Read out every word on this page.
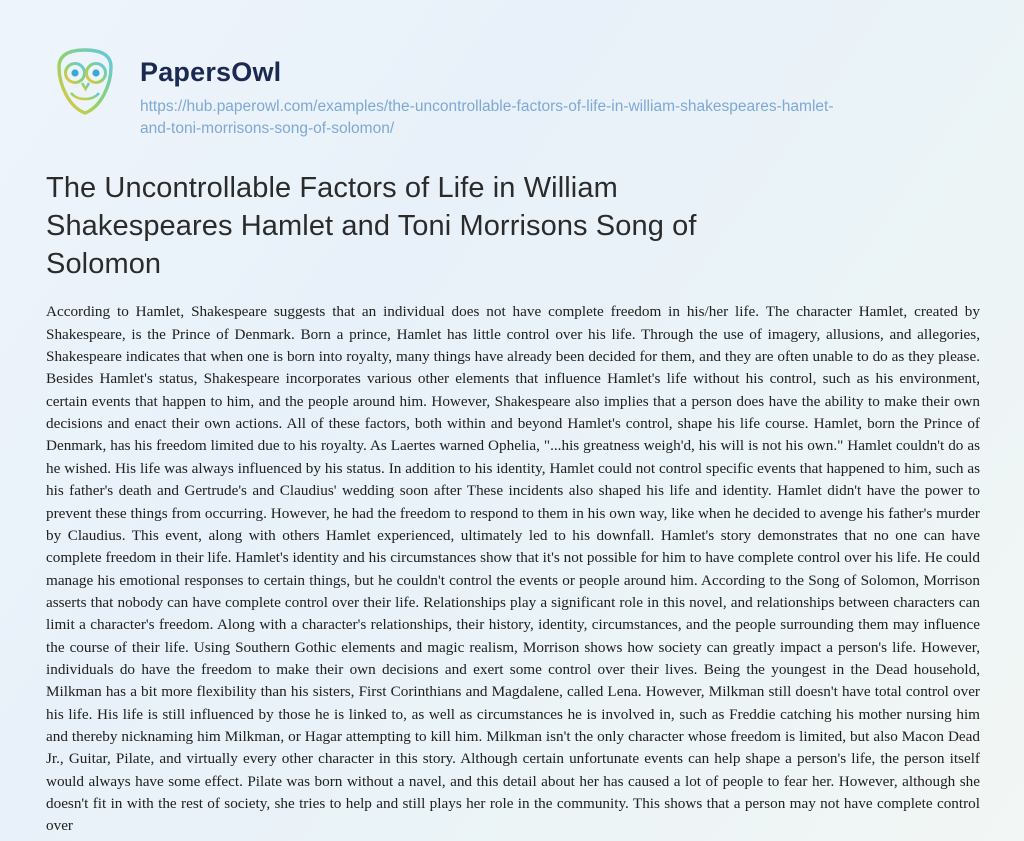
PapersOwl
https://hub.paperowl.com/examples/the-uncontrollable-factors-of-life-in-william-shakespeares-hamlet-and-toni-morrisons-song-of-solomon/
The Uncontrollable Factors of Life in William Shakespeares Hamlet and Toni Morrisons Song of Solomon

According to Hamlet, Shakespeare suggests that an individual does not have complete freedom in his/her life. The character Hamlet, created by Shakespeare, is the Prince of Denmark. Born a prince, Hamlet has little control over his life. Through the use of imagery, allusions, and allegories, Shakespeare indicates that when one is born into royalty, many things have already been decided for them, and they are often unable to do as they please. Besides Hamlet's status, Shakespeare incorporates various other elements that influence Hamlet's life without his control, such as his environment, certain events that happen to him, and the people around him. However, Shakespeare also implies that a person does have the ability to make their own decisions and enact their own actions. All of these factors, both within and beyond Hamlet's control, shape his life course. Hamlet, born the Prince of Denmark, has his freedom limited due to his royalty. As Laertes warned Ophelia, "...his greatness weigh'd, his will is not his own." Hamlet couldn't do as he wished. His life was always influenced by his status. In addition to his identity, Hamlet could not control specific events that happened to him, such as his father's death and Gertrude's and Claudius' wedding soon after These incidents also shaped his life and identity. Hamlet didn't have the power to prevent these things from occurring. However, he had the freedom to respond to them in his own way, like when he decided to avenge his father's murder by Claudius. This event, along with others Hamlet experienced, ultimately led to his downfall. Hamlet's story demonstrates that no one can have complete freedom in their life. Hamlet's identity and his circumstances show that it's not possible for him to have complete control over his life. He could manage his emotional responses to certain things, but he couldn't control the events or people around him. According to the Song of Solomon, Morrison asserts that nobody can have complete control over their life. Relationships play a significant role in this novel, and relationships between characters can limit a character's freedom. Along with a character's relationships, their history, identity, circumstances, and the people surrounding them may influence the course of their life. Using Southern Gothic elements and magic realism, Morrison shows how society can greatly impact a person's life. However, individuals do have the freedom to make their own decisions and exert some control over their lives. Being the youngest in the Dead household, Milkman has a bit more flexibility than his sisters, First Corinthians and Magdalene, called Lena. However, Milkman still doesn't have total control over his life. His life is still influenced by those he is linked to, as well as circumstances he is involved in, such as Freddie catching his mother nursing him and thereby nicknaming him Milkman, or Hagar attempting to kill him. Milkman isn't the only character whose freedom is limited, but also Macon Dead Jr., Guitar, Pilate, and virtually every other character in this story. Although certain unfortunate events can help shape a person's life, the person itself would always have some effect. Pilate was born without a navel, and this detail about her has caused a lot of people to fear her. However, although she doesn't fit in with the rest of society, she tries to help and still plays her role in the community. This shows that a person may not have complete control over
